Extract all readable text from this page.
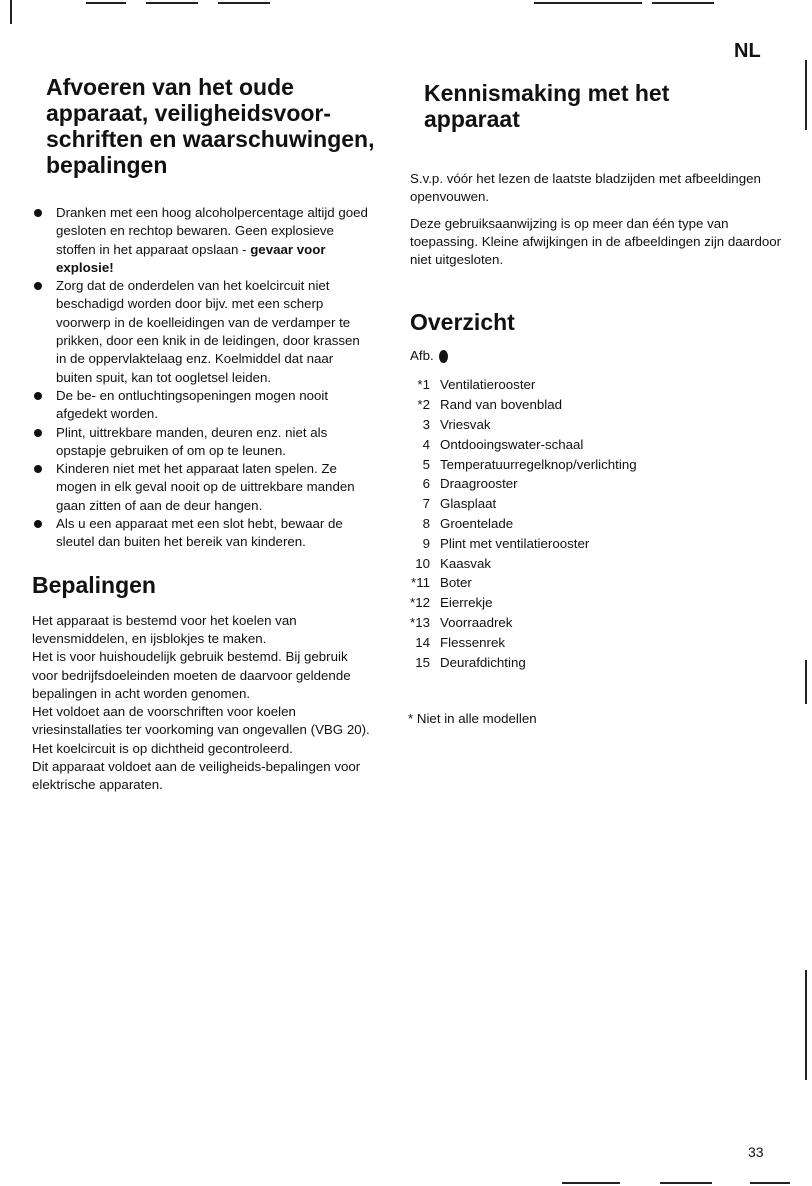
NL
Afvoeren van het oude
apparaat, veiligheidsvoor-
schriften en waarschuwingen,
bepalingen
Dranken met een hoog alcoholpercentage altijd goed gesloten en rechtop bewaren. Geen explosieve stoffen in het apparaat opslaan - gevaar voor explosie!
Zorg dat de onderdelen van het koelcircuit niet beschadigd worden door bijv. met een scherp voorwerp in de koelleidingen van de verdamper te prikken, door een knik in de leidingen, door krassen in de oppervlaktelaag enz. Koelmiddel dat naar buiten spuit, kan tot oogletsel leiden.
De be- en ontluchtingsopeningen mogen nooit afgedekt worden.
Plint, uittrekbare manden, deuren enz. niet als opstapje gebruiken of om op te leunen.
Kinderen niet met het apparaat laten spelen. Ze mogen in elk geval nooit op de uittrekbare manden gaan zitten of aan de deur hangen.
Als u een apparaat met een slot hebt, bewaar de sleutel dan buiten het bereik van kinderen.
Bepalingen

Het apparaat is bestemd voor het koelen van levensmiddelen, en ijsblokjes te maken.

Het is voor huishoudelijk gebruik bestemd. Bij gebruik voor bedrijfsdoeleinden moeten de daarvoor geldende bepalingen in acht worden genomen.

Het voldoet aan de voorschriften voor koelen vriesinstallaties ter voorkoming van ongevallen (VBG 20). Het koelcircuit is op dichtheid gecontroleerd.

Dit apparaat voldoet aan de veiligheids-bepalingen voor elektrische apparaten.

Kennismaking met het
apparaat

S.v.p. vóór het lezen de laatste bladzijden met afbeeldingen openvouwen.

Deze gebruiksaanwijzing is op meer dan één type van toepassing. Kleine afwijkingen in de afbeeldingen zijn daardoor niet uitgesloten.

Overzicht
Afb.
*1 Ventilatierooster
*2 Rand van bovenblad
3 Vriesvak
4 Ontdooingswater-schaal
5 Temperatuurregelknop/verlichting
6 Draagrooster
7 Glasplaat
8 Groentelade
9 Plint met ventilatierooster
10 Kaasvak
*11 Boter
*12 Eierrekje
*13 Voorraadrek
14 Flessenrek
15 Deurafdichting
* Niet in alle modellen
33
